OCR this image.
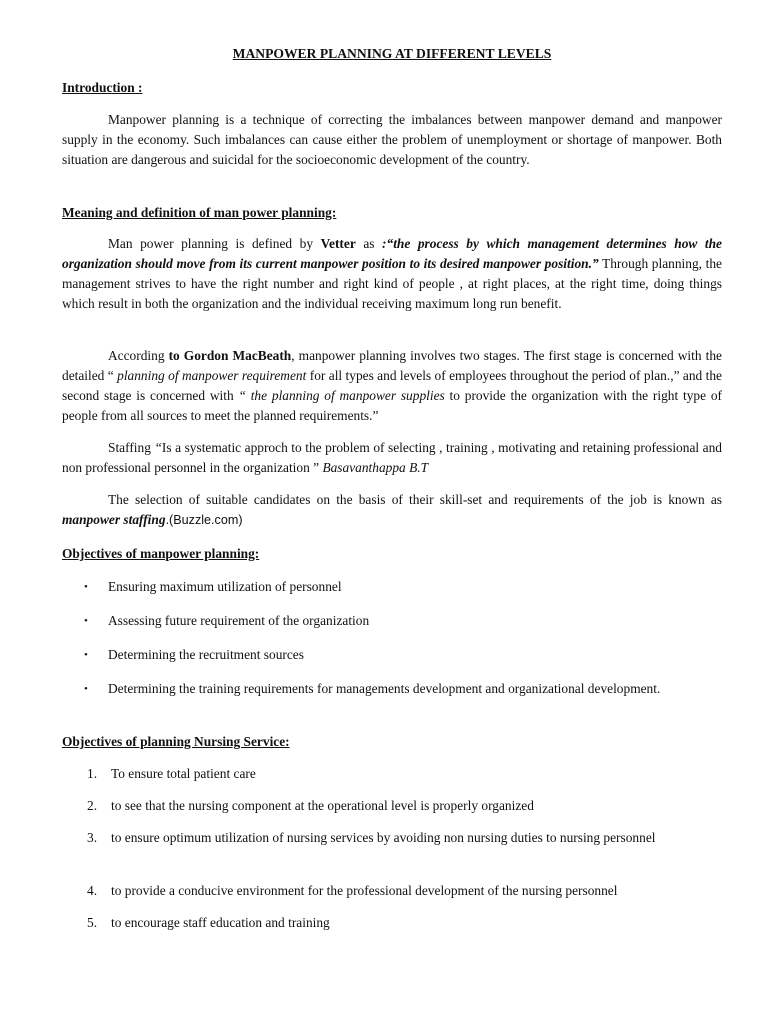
MANPOWER PLANNING AT DIFFERENT LEVELS
Introduction :

Manpower planning is a technique of correcting the imbalances between manpower demand and manpower supply in the economy. Such imbalances can cause either the problem of unemployment or shortage of manpower. Both situation are dangerous and suicidal for the socioeconomic development of the country.

Meaning and definition of man power planning:

Man power planning is defined by Vetter as :“the process by which management determines how the organization should move from its current manpower position to its desired manpower position.” Through planning, the management strives to have the right number and right kind of people , at right places, at the right time, doing things which result in both the organization and the individual receiving maximum long run benefit.

According to Gordon MacBeath, manpower planning involves two stages. The first stage is concerned with the detailed “ planning of manpower requirement for all types and levels of employees throughout the period of plan.,” and the second stage is concerned with “ the planning of manpower supplies to provide the organization with the right type of people from all sources to meet the planned requirements.”

Staffing “Is a systematic approch to the problem of selecting , training , motivating and retaining professional and non professional personnel in the organization ” Basavanthappa B.T

The selection of suitable candidates on the basis of their skill-set and requirements of the job is known as manpower staffing.(Buzzle.com)

Objectives of manpower planning:
• Ensuring maximum utilization of personnel
• Assessing future requirement of the organization
• Determining the recruitment sources
• Determining the training requirements for managements development and organizational development.
Objectives of planning Nursing Service:
1. To ensure total patient care
2. to see that the nursing component at the operational level is properly organized
3. to ensure optimum utilization of nursing services by avoiding non nursing duties to nursing personnel
4. to provide a conducive environment for the professional development of the nursing personnel
5. to encourage staff education and training
